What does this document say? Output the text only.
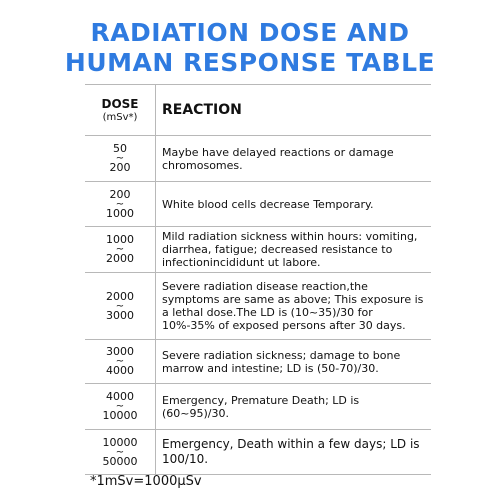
RADIATION DOSE AND
HUMAN RESPONSE TABLE
DOSE
(mSv*) REACTION
50
~
200
Maybe have delayed reactions or damage chromosomes.
200
~
1000
White blood cells decrease Temporary.
1000
~
2000
Mild radiation sickness within hours: vomiting, diarrhea, fatigue; decreased resistance to infectionincididunt ut labore.
2000
~
3000
Severe radiation disease reaction,the symptoms are same as above; This exposure is a lethal dose.The LD is (10~35)/30 for 10%-35% of exposed persons after 30 days.
3000
~
4000
Severe radiation sickness; damage to bone marrow and intestine; LD is (50-70)/30.
4000
~
10000
Emergency, Premature Death; LD is (60~95)/30.
10000
~
50000
Emergency, Death within a few days; LD is 100/10.
*1mSv=1000μSv
